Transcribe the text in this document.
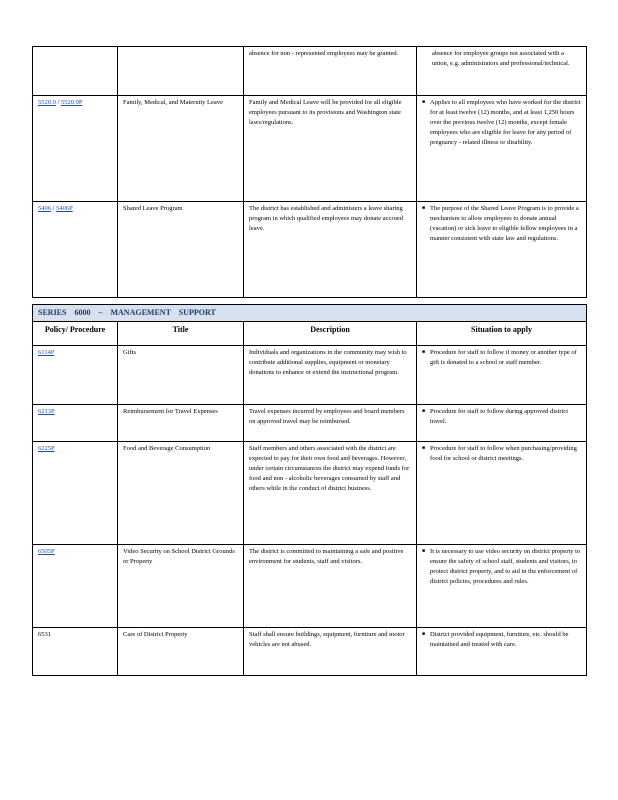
		absence for non - represented employees may be granted.	absence for employee groups not associated with a union, e.g. administrators and professional/technical.

5520.9 / 5520.9P	Family, Medical, and Maternity Leave	Family and Medical Leave will be provided for all eligible employees pursuant to its provisions and Washington state laws/regulations.	■ Applies to all employees who have worked for the district for at least twelve (12) months, and at least 1,250 hours over the previous twelve (12) months, except female employees who are eligible for leave for any period of pregnancy - related illness or disability.

5406 / 5406P	Shared Leave Program	The district has established and administers a leave sharing program in which qualified employees may donate accrued leave.	■ The purpose of the Shared Leave Program is to provide a mechanism to allow employees to donate annual (vacation) or sick leave to eligible fellow employees in a manner consistent with state law and regulations.
SERIES 6000 – MANAGEMENT SUPPORT			
Policy/ Procedure	Title	Description	Situation to apply
6114P	Gifts	Individuals and organizations in the community may wish to contribute additional supplies, equipment or monetary donations to enhance or extend the instructional program.	■ Procedure for staff to follow if money or another type of gift is donated to a school or staff member.

6213P	Reimbursement for Travel Expenses	Travel expenses incurred by employees and board members on approved travel may be reimbursed.	■ Procedure for staff to follow during approved district travel.

6225P	Food and Beverage Consumption	Staff members and others associated with the district are expected to pay for their own food and beverages. However, under certain circumstances the district may expend funds for food and non - alcoholic beverages consumed by staff and others while in the conduct of district business.	■ Procedure for staff to follow when purchasing/providing food for school or district meetings.

6505P	Video Security on School District Grounds or Property	The district is committed to maintaining a safe and positive environment for students, staff and visitors.	■ It is necessary to use video security on district property to ensure the safety of school staff, students and visitors, to protect district property, and to aid in the enforcement of district policies, procedures and rules.

6531	Care of District Property	Staff shall ensure buildings, equipment, furniture and motor vehicles are not abused.	■ District provided equipment, furniture, etc. should be maintained and treated with care.
